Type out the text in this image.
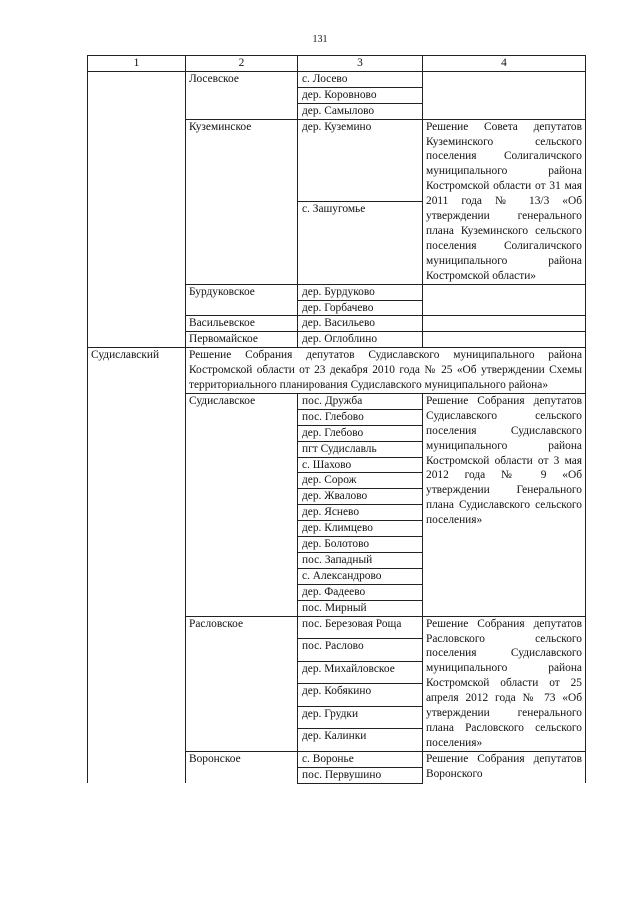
131
1	2	3	4
	Лосевское	с. Лосево	
		дер. Коровново	
		дер. Самылово	
	Куземинское	дер. Куземино	Решение Совета депутатов Куземинского сельского поселения Солигаличского муниципального района Костромской области от 31 мая 2011 года № 13/3 «Об утверждении генерального плана Куземинского сельского поселения Солигаличского муниципального района Костромской области»
		с. Зашугомье	
	Бурдуковское	дер. Бурдуково	
		дер. Горбачево	
	Васильевское	дер. Васильево	
	Первомайское	дер. Оглоблино	
Судиславский	Решение Собрания депутатов Судиславского муниципального района Костромской области от 23 декабря 2010 года № 25 «Об утверждении Схемы территориального планирования Судиславского муниципального района»		
	Судиславское	пос. Дружба	Решение Собрания депутатов Судиславского сельского поселения Судиславского муниципального района Костромской области от 3 мая 2012 года № 9 «Об утверждении Генерального плана Судиславского сельского поселения»
		пос. Глебово	
		дер. Глебово	
		пгт Судиславль	
		с. Шахово	
		дер. Сорож	
		дер. Жвалово	
		дер. Яснево	
		дер. Климцево	
		дер. Болотово	
		пос. Западный	
		с. Александрово	
		дер. Фадеево	
		пос. Мирный	
	Расловское	пос. Березовая Роща	Решение Собрания депутатов Расловского сельского поселения Судиславского муниципального района Костромской области от 25 апреля 2012 года № 73 «Об утверждении генерального плана Расловского сельского поселения»
		пос. Раслово	
		дер. Михайловское	
		дер. Кобякино	
		дер. Грудки	
		дер. Калинки	
	Воронское	с. Воронье	Решение Собрания депутатов Воронского
		пос. Первушино	
